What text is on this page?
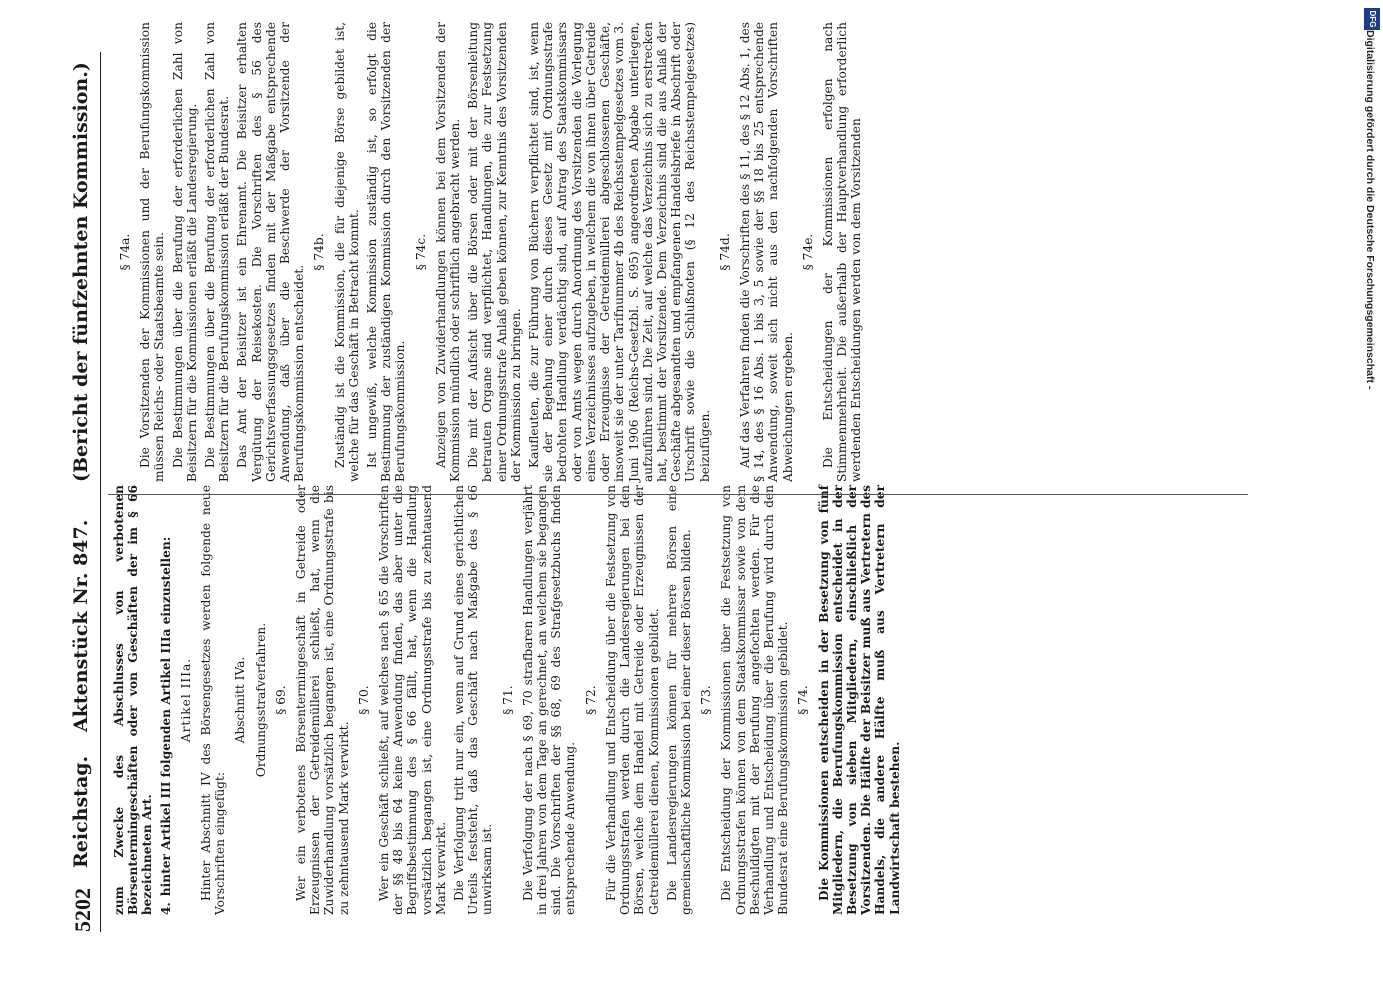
5202
Reichstag.
Aktenstück Nr. 847.
(Bericht der fünfzehnten Kommission.)

zum Zwecke des Abschlusses von verbotenen Börsentermingeschäften oder von Geschäften der im § 66 bezeichneten Art. 4.
hinter Artikel III folgenden Artikel IIIa einzustellen: Artikel IIIa. Hinter Abschnitt IV des Börsengesetzes werden folgende neue Vorschriften eingefügt:

Abschnitt IVa. Ordnungsstrafverfahren. § 69. Wer ein verbotenes Börsentermingeschäft in Getreide oder Erzeugnissen der Getreidemüllerei schließt, hat, wenn die Zuwiderhandlung vorsätzlich begangen ist, eine Ordnungsstrafe bis zu zehntausend Mark verwirkt.

§ 70. Wer ein Geschäft schließt, auf welches nach § 65 die Vorschriften der §§ 48 bis 64 keine Anwendung finden, das aber unter die Begriffsbestimmung des § 66 fällt, hat, wenn die Handlung vorsätzlich begangen ist, eine Ordnungsstrafe bis zu zehntausend Mark verwirkt. Die Verfolgung tritt nur ein, wenn auf Grund eines gerichtlichen Urteils feststeht, daß das Geschäft nach Maßgabe des § 66 unwirksam ist.

§ 71. Die Verfolgung der nach § 69, 70 strafbaren Handlungen verjährt in drei Jahren von dem Tage an gerechnet, an welchem sie begangen sind. Die Vorschriften der §§ 68, 69 des Strafgesetzbuchs finden entsprechende Anwendung.

§ 72. Für die Verhandlung und Entscheidung über die Festsetzung von Ordnungsstrafen werden durch die Landesregierungen bei den Börsen, welche dem Handel mit Getreide oder Erzeugnissen der Getreidemüllerei dienen, Kommissionen gebildet. Die Landesregierungen können für mehrere Börsen eine gemeinschaftliche Kommission bei einer dieser Börsen bilden. § 73. Die Entscheidung der Kommissionen über die Festsetzung von Ordnungsstrafen können von dem Staatskommissar sowie von dem Beschuldigten mit der Berufung angefochten werden. Für die Verhandlung und Entscheidung über die Berufung wird durch den Bundesrat eine Berufungskommission gebildet. § 74. Die Kommissionen entscheiden in der Besetzung von fünf Mitgliedern, die Berufungskommission entscheidet in der Besetzung von sieben Mitgliedern, einschließlich der Vorsitzenden. Die Hälfte der Beisitzer muß aus Vertretern des Handels, die andere Hälfte muß aus Vertretern der Landwirtschaft bestehen.

§ 74a. Die Vorsitzenden der Kommissionen und der Berufungskommission müssen Reichs- oder Staatsbeamte sein. Die Bestimmungen über die Berufung der erforderlichen Zahl von Beisitzern für die Kommissionen erläßt die Landesregierung. Die Bestimmungen über die Berufung der erforderlichen Zahl von Beisitzern für die Berufungskommission erläßt der Bundesrat. Das Amt der Beisitzer ist ein Ehrenamt. Die Beisitzer erhalten Vergütung der Reisekosten. Die Vorschriften des § 56 des Gerichtsverfassungsgesetzes finden mit der Maßgabe entsprechende Anwendung, daß über die Beschwerde der Vorsitzende der Berufungskommission entscheidet.

§ 74b. Zuständig ist die Kommission, die für diejenige Börse gebildet ist, welche für das Geschäft in Betracht kommt. Ist ungewiß, welche Kommission zuständig ist, so erfolgt die Bestimmung der zuständigen Kommission durch den Vorsitzenden der Berufungskommission.

§ 74c. Anzeigen von Zuwiderhandlungen können bei dem Vorsitzenden der Kommission mündlich oder schriftlich angebracht werden. Die mit der Aufsicht über die Börsen oder mit der Börsenleitung betrauten Organe sind verpflichtet, Handlungen, die zur Festsetzung einer Ordnungsstrafe Anlaß geben können, zur Kenntnis des Vorsitzenden der Kommission zu bringen. Kaufleuten, die zur Führung von Büchern verpflichtet sind, ist, wenn sie der Begehung einer durch dieses Gesetz mit Ordnungsstrafe bedrohten Handlung verdächtig sind, auf Antrag des Staatskommissars oder von Amts wegen durch Anordnung des Vorsitzenden die Vorlegung eines Verzeichnisses aufzugeben, in welchem die von ihnen über Getreide oder Erzeugnisse der Getreidemüllerei abgeschlossenen Geschäfte, insoweit sie der unter Tarifnummer 4b des Reichsstempelgesetzes vom 3. Juni 1906 (Reichs-Gesetzbl. S. 695) angeordneten Abgabe unterliegen, aufzuführen sind. Die Zeit, auf welche das Verzeichnis sich zu erstrecken hat, bestimmt der Vorsitzende. Dem Verzeichnis sind die aus Anlaß der Geschäfte abgesandten und empfangenen Handelsbriefe in Abschrift oder Urschrift sowie die Schlußnoten (§ 12 des Reichsstempelgesetzes) beizufügen.

§ 74d. Auf das Verfahren finden die Vorschriften des § 11, des § 12 Abs. 1, des § 14, des § 16 Abs. 1 bis 3, 5 sowie der §§ 18 bis 25 entsprechende Anwendung, soweit sich nicht aus den nachfolgenden Vorschriften Abweichungen ergeben.

§ 74e. Die Entscheidungen der Kommissionen erfolgen nach Stimmenmehrheit. Die außerhalb der Hauptverhandlung erforderlich werdenden Entscheidungen werden von dem Vorsitzenden

DFG
Digitalisierung gefördert durch die Deutsche Forschungsgemeinschaft -
